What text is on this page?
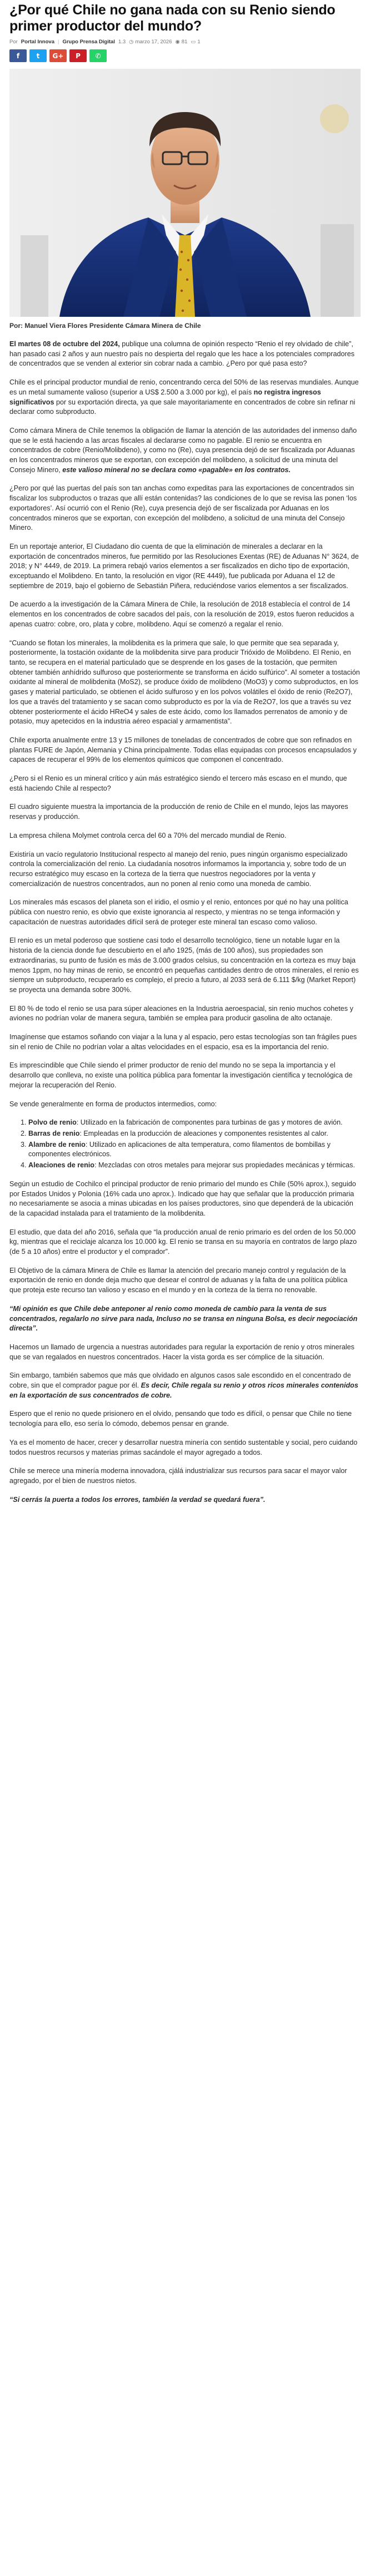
¿Por qué Chile no gana nada con su Renio siendo primer productor del mundo?
Por Portal Innova | Grupo Prensa Digital 1.3 ◷ marzo 17, 2026 ◉ 81 ▭ 1
f	t G+ P ✆
Por: Manuel Viera Flores Presidente Cámara Minera de Chile

El martes 08 de octubre del 2024, publique una columna de opinión respecto “Renio el rey olvidado de chile”, han pasado casi 2 años y aun nuestro país no despierta del regalo que les hace a los potenciales compradores de concentrados que se venden al exterior sin cobrar nada a cambio. ¿Pero por qué pasa esto?

Chile es el principal productor mundial de renio, concentrando cerca del 50% de las reservas mundiales. Aunque es un metal sumamente valioso (superior a US$ 2.500 a 3.000 por kg), el país no registra ingresos significativos por su exportación directa, ya que sale mayoritariamente en concentrados de cobre sin refinar ni declarar como subproducto.

Como cámara Minera de Chile tenemos la obligación de llamar la atención de las autoridades del inmenso daño que se le está haciendo a las arcas fiscales al declararse como no pagable. El renio se encuentra en concentrados de cobre (Renio/Molibdeno), y como no (Re), cuya presencia dejó de ser fiscalizada por Aduanas en los concentrados mineros que se exportan, con excepción del molibdeno, a solicitud de una minuta del Consejo Minero, este valioso mineral no se declara como «pagable» en los contratos.

¿Pero por qué las puertas del país son tan anchas como expeditas para las exportaciones de concentrados sin fiscalizar los subproductos o trazas que allí están contenidas? las condiciones de lo que se revisa las ponen ‘los exportadores’. Así ocurrió con el Renio (Re), cuya presencia dejó de ser fiscalizada por Aduanas en los concentrados mineros que se exportan, con excepción del molibdeno, a solicitud de una minuta del Consejo Minero.

En un reportaje anterior, El Ciudadano dio cuenta de que la eliminación de minerales a declarar en la exportación de concentrados mineros, fue permitido por las Resoluciones Exentas (RE) de Aduanas N° 3624, de 2018; y N° 4449, de 2019. La primera rebajó varios elementos a ser fiscalizados en dicho tipo de exportación, exceptuando el Molibdeno. En tanto, la resolución en vigor (RE 4449), fue publicada por Aduana el 12 de septiembre de 2019, bajo el gobierno de Sebastián Piñera, reduciéndose varios elementos a ser fiscalizados.

De acuerdo a la investigación de la Cámara Minera de Chile, la resolución de 2018 establecía el control de 14 elementos en los concentrados de cobre sacados del país, con la resolución de 2019, estos fueron reducidos a apenas cuatro: cobre, oro, plata y cobre, molibdeno. Aquí se comenzó a regalar el renio.

“Cuando se flotan los minerales, la molibdenita es la primera que sale, lo que permite que sea separada y, posteriormente, la tostación oxidante de la molibdenita sirve para producir Trióxido de Molibdeno. El Renio, en tanto, se recupera en el material particulado que se desprende en los gases de la tostación, que permiten obtener también anhídrido sulfuroso que posteriormente se transforma en ácido sulfúrico”. Al someter a tostación oxidante al mineral de molibdenita (MoS2), se produce óxido de molibdeno (MoO3) y como subproductos, en los gases y material particulado, se obtienen el ácido sulfuroso y en los polvos volátiles el óxido de renio (Re2O7), los que a través del tratamiento y se sacan como subproducto es por la vía de Re2O7, los que a través su vez obtener posteriormente el ácido HReO4 y sales de este ácido, como los llamados perrenatos de amonio y de potasio, muy apetecidos en la industria aéreo espacial y armamentista”.

Chile exporta anualmente entre 13 y 15 millones de toneladas de concentrados de cobre que son refinados en plantas FURE de Japón, Alemania y China principalmente. Todas ellas equipadas con procesos encapsulados y capaces de recuperar el 99% de los elementos químicos que componen el concentrado.

¿Pero si el Renio es un mineral crítico y aún más estratégico siendo el tercero más escaso en el mundo, que está haciendo Chile al respecto?

El cuadro siguiente muestra la importancia de la producción de renio de Chile en el mundo, lejos las mayores reservas y producción.

La empresa chilena Molymet controla cerca del 60 a 70% del mercado mundial de Renio.

Existiría un vacío regulatorio Institucional respecto al manejo del renio, pues ningún organismo especializado controla la comercialización del renio. La ciudadanía nosotros informamos la importancia y, sobre todo de un recurso estratégico muy escaso en la corteza de la tierra que nuestros negociadores por la venta y comercialización de nuestros concentrados, aun no ponen al renio como una moneda de cambio.

Los minerales más escasos del planeta son el iridio, el osmio y el renio, entonces por qué no hay una política pública con nuestro renio, es obvio que existe ignorancia al respecto, y mientras no se tenga información y capacitación de nuestras autoridades difícil será de proteger este mineral tan escaso como valioso.

El renio es un metal poderoso que sostiene casi todo el desarrollo tecnológico, tiene un notable lugar en la historia de la ciencia donde fue descubierto en el año 1925, (más de 100 años), sus propiedades son extraordinarias, su punto de fusión es más de 3.000 grados celsius, su concentración en la corteza es muy baja menos 1ppm, no hay minas de renio, se encontró en pequeñas cantidades dentro de otros minerales, el renio es siempre un subproducto, recuperarlo es complejo, el precio a futuro, al 2033 será de 6.111 $/kg (Market Report) se proyecta una demanda sobre 300%.

El 80 % de todo el renio se usa para súper aleaciones en la Industria aeroespacial, sin renio muchos cohetes y aviones no podrían volar de manera segura, también se emplea para producir gasolina de alto octanaje.

Imagínense que estamos soñando con viajar a la luna y al espacio, pero estas tecnologías son tan frágiles pues sin el renio de Chile no podrían volar a altas velocidades en el espacio, esa es la importancia del renio.

Es imprescindible que Chile siendo el primer productor de renio del mundo no se sepa la importancia y el desarrollo que conlleva, no existe una política pública para fomentar la investigación científica y tecnológica de mejorar la recuperación del Renio.

Se vende generalmente en forma de productos intermedios, como:

1. Polvo de renio: Utilizado en la fabricación de componentes para turbinas de gas y motores de avión.
2. Barras de renio: Empleadas en la producción de aleaciones y componentes resistentes al calor.
3. Alambre de renio: Utilizado en aplicaciones de alta temperatura, como filamentos de bombillas y componentes electrónicos.
4. Aleaciones de renio: Mezcladas con otros metales para mejorar sus propiedades mecánicas y térmicas.

Según un estudio de Cochilco el principal productor de renio primario del mundo es Chile (50% aprox.), seguido por Estados Unidos y Polonia (16% cada uno aprox.). Indicado que hay que señalar que la producción primaria no necesariamente se asocia a minas ubicadas en los países productores, sino que dependerá de la ubicación de la capacidad instalada para el tratamiento de la molibdenita.

El estudio, que data del año 2016, señala que “la producción anual de renio primario es del orden de los 50.000 kg, mientras que el reciclaje alcanza los 10.000 kg. El renio se transa en su mayoría en contratos de largo plazo (de 5 a 10 años) entre el productor y el comprador”.

El Objetivo de la cámara Minera de Chile es llamar la atención del precario manejo control y regulación de la exportación de renio en donde deja mucho que desear el control de aduanas y la falta de una política pública que proteja este recurso tan valioso y escaso en el mundo y en la corteza de la tierra no renovable.

“Mi opinión es que Chile debe anteponer al renio como moneda de cambio para la venta de sus concentrados, regalarlo no sirve para nada, Incluso no se transa en ninguna Bolsa, es decir negociación directa”.

Hacemos un llamado de urgencia a nuestras autoridades para regular la exportación de renio y otros minerales que se van regalados en nuestros concentrados. Hacer la vista gorda es ser cómplice de la situación.

Sin embargo, también sabemos que más que olvidado en algunos casos sale escondido en el concentrado de cobre, sin que el comprador pague por él. Es decir, Chile regala su renio y otros ricos minerales contenidos en la exportación de sus concentrados de cobre.

Espero que el renio no quede prisionero en el olvido, pensando que todo es difícil, o pensar que Chile no tiene tecnología para ello, eso sería lo cómodo, debemos pensar en grande.

Ya es el momento de hacer, crecer y desarrollar nuestra minería con sentido sustentable y social, pero cuidando todos nuestros recursos y materias primas sacándole el mayor agregado a todos.

Chile se merece una minería moderna innovadora, cjálá industrializar sus recursos para sacar el mayor valor agregado, por el bien de nuestros nietos.

“Si cerrás la puerta a todos los errores, también la verdad se quedará fuera”.
